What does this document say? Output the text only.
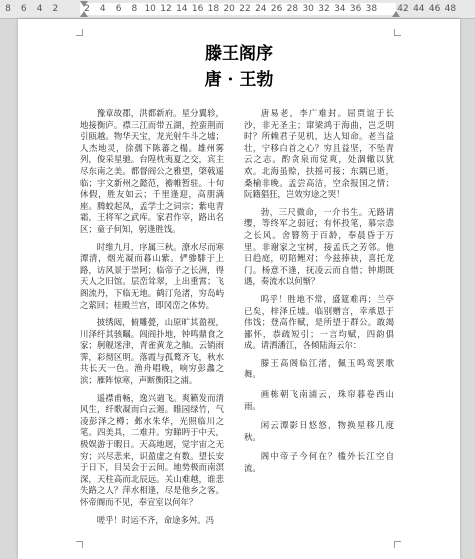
8 6 4 2	2 4 6 8 10 12 14 16 18 20 22 24 26 28 30 32 34 36 38 42 44 46 48
滕王阁序
唐 · 王勃

豫章故郡，洪都新府。星分翼轸，地接衡庐。襟三江而带五湖，控蛮荆而引瓯越。物华天宝，龙光射牛斗之墟；人杰地灵，徐孺下陈蕃之榻。雄州雾列，俊采星驰。台隍枕夷夏之交，宾主尽东南之美。都督阎公之雅望，棨戟遥临；宇文新州之懿范，襜帷暂驻。十旬休假，胜友如云；千里逢迎，高朋满座。腾蛟起凤，孟学士之词宗；紫电青霜，王将军之武库。家君作宰，路出名区；童子何知，躬逢胜饯。

时维九月，序属三秋。潦水尽而寒潭清，烟光凝而暮山紫。俨骖騑于上路，访风景于崇阿；临帝子之长洲，得天人之旧馆。层峦耸翠，上出重霄；飞阁流丹，下临无地。鹤汀凫渚，穷岛屿之萦回；桂殿兰宫，即冈峦之体势。

披绣闼，俯雕甍，山原旷其盈视，川泽纡其骇瞩。闾阎扑地，钟鸣鼎食之家；舸舰迷津，青雀黄龙之舳。云销雨霁，彩彻区明。落霞与孤鹜齐飞，秋水共长天一色。渔舟唱晚，响穷彭蠡之滨；雁阵惊寒，声断衡阳之浦。

遥襟甫畅，逸兴遄飞。爽籁发而清风生，纤歌凝而白云遏。睢园绿竹，气凌彭泽之樽；邺水朱华，光照临川之笔。四美具，二难并。穷睇眄于中天，极娱游于暇日。天高地迥，觉宇宙之无穷；兴尽悲来，识盈虚之有数。望长安于日下，目吴会于云间。地势极而南溟深，天柱高而北辰远。关山难越，谁悲失路之人？萍水相逢，尽是他乡之客。怀帝阍而不见，奉宣室以何年？

嗟乎！时运不齐，命途多舛。冯

唐易老，李广难封。屈贾谊于长沙，非无圣主；窜梁鸿于海曲，岂乏明时？所赖君子见机，达人知命。老当益壮，宁移白首之心？穷且益坚，不坠青云之志。酌贪泉而觉爽，处涸辙以犹欢。北海虽赊，扶摇可接；东隅已逝，桑榆非晚。孟尝高洁，空余报国之情；阮籍猖狂，岂效穷途之哭！

勃，三尺微命，一介书生。无路请缨，等终军之弱冠；有怀投笔，慕宗悫之长风。舍簪笏于百龄，奉晨昏于万里。非谢家之宝树，接孟氏之芳邻。他日趋庭，叨陪鲤对；今兹捧袂，喜托龙门。杨意不逢，抚凌云而自惜；钟期既遇，奏流水以何惭？

呜乎！胜地不常，盛筵难再；兰亭已矣，梓泽丘墟。临别赠言，幸承恩于伟饯；登高作赋，是所望于群公。敢竭鄙怀，恭疏短引；一言均赋，四韵俱成。请洒潘江，各倾陆海云尔：

滕王高阁临江渚，佩玉鸣鸾罢歌舞。

画栋朝飞南浦云，珠帘暮卷西山雨。

闲云潭影日悠悠，物换星移几度秋。

阁中帝子今何在？槛外长江空自流。
